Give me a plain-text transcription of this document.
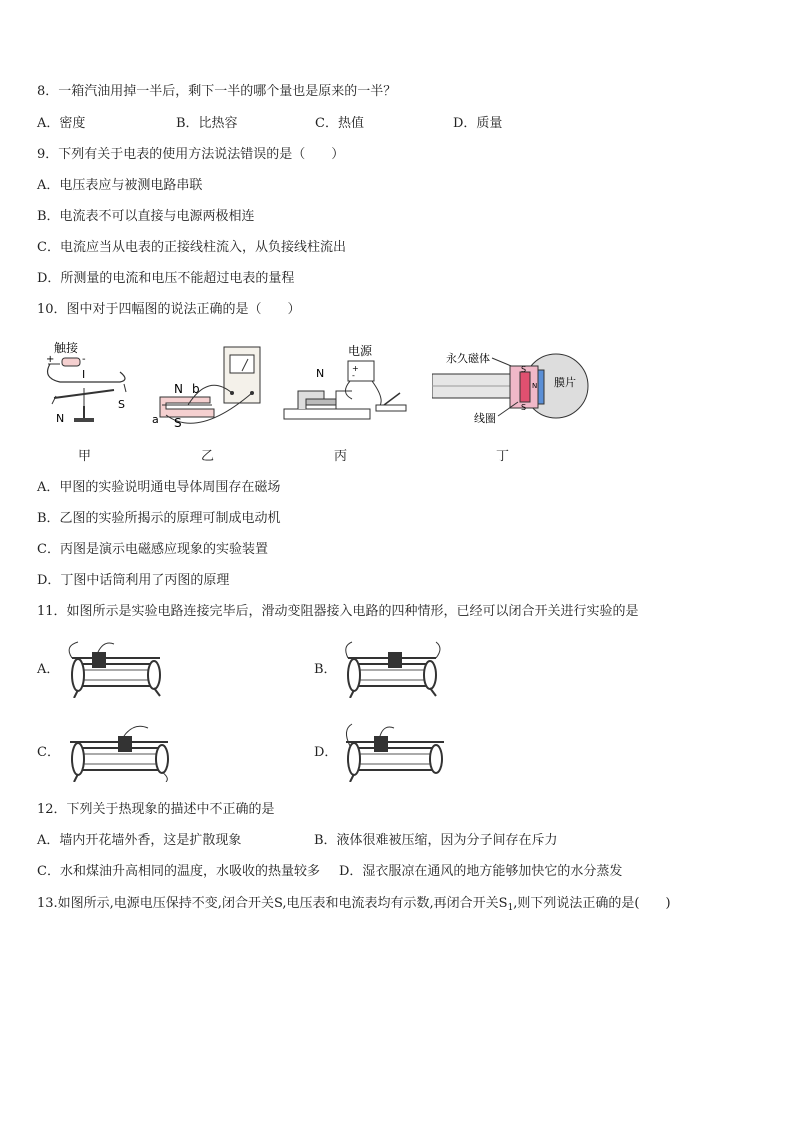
8．一箱汽油用掉一半后，剩下一半的哪个量也是原来的一半？
A．密度	B．比热容	C．热值	D．质量
9．下列有关于电表的使用方法说法错误的是（　　）
A．电压表应与被测电路串联
B．电流表不可以直接与电源两极相连
C．电流应当从电表的正接线柱流入，从负接线柱流出
D．所测量的电流和电压不能超过电表的量程
10．图中对于四幅图的说法正确的是（　　）
触接
+	-
I
N
S
甲
N b
a S
乙
电源
+
-
N
丙
永久磁体
S
N
S
膜片
线圈
丁
A．甲图的实验说明通电导体周围存在磁场
B．乙图的实验所揭示的原理可制成电动机
C．丙图是演示电磁感应现象的实验装置
D．丁图中话筒利用了丙图的原理
11．如图所示是实验电路连接完毕后，滑动变阻器接入电路的四种情形，已经可以闭合开关进行实验的是
A．	B．
C．	D．
12．下列关于热现象的描述中不正确的是
A．墙内开花墙外香，这是扩散现象	B．液体很难被压缩，因为分子间存在斥力
C．水和煤油升高相同的温度，水吸收的热量较多 D．湿衣服凉在通风的地方能够加快它的水分蒸发
13.如图所示,电源电压保持不变,闭合开关S,电压表和电流表均有示数,再闭合开关$S_1$,则下列说法正确的是(　　)
